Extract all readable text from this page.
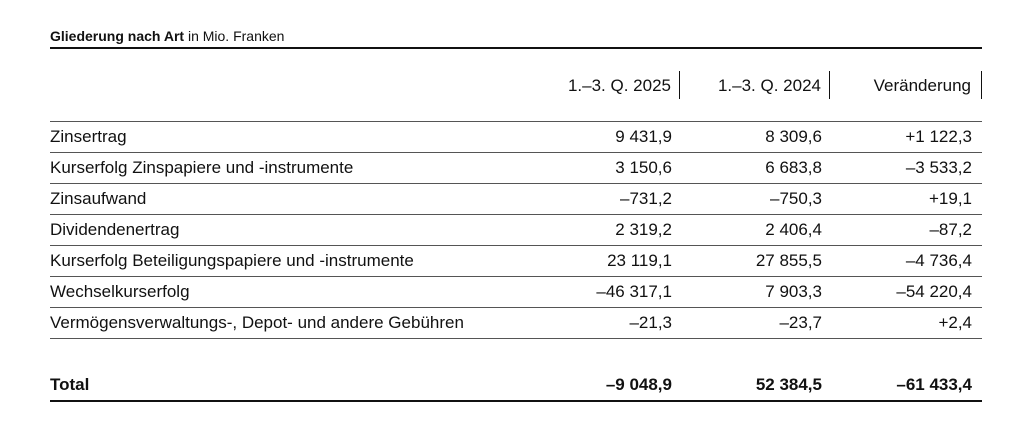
Gliederung nach Art in Mio. Franken
	1.–3. Q. 2025	1.–3. Q. 2024	Veränderung
Zinsertrag	9 431,9	8 309,6	+1 122,3
Kurserfolg Zinspapiere und -instrumente	3 150,6	6 683,8	–3 533,2
Zinsaufwand	–731,2	–750,3	+19,1
Dividendenertrag	2 319,2	2 406,4	–87,2
Kurserfolg Beteiligungspapiere und -instrumente	23 119,1	27 855,5	–4 736,4
Wechselkurserfolg	–46 317,1	7 903,3	–54 220,4
Vermögensverwaltungs-, Depot- und andere Gebühren	–21,3	–23,7	+2,4

Total	–9 048,9	52 384,5	–61 433,4
